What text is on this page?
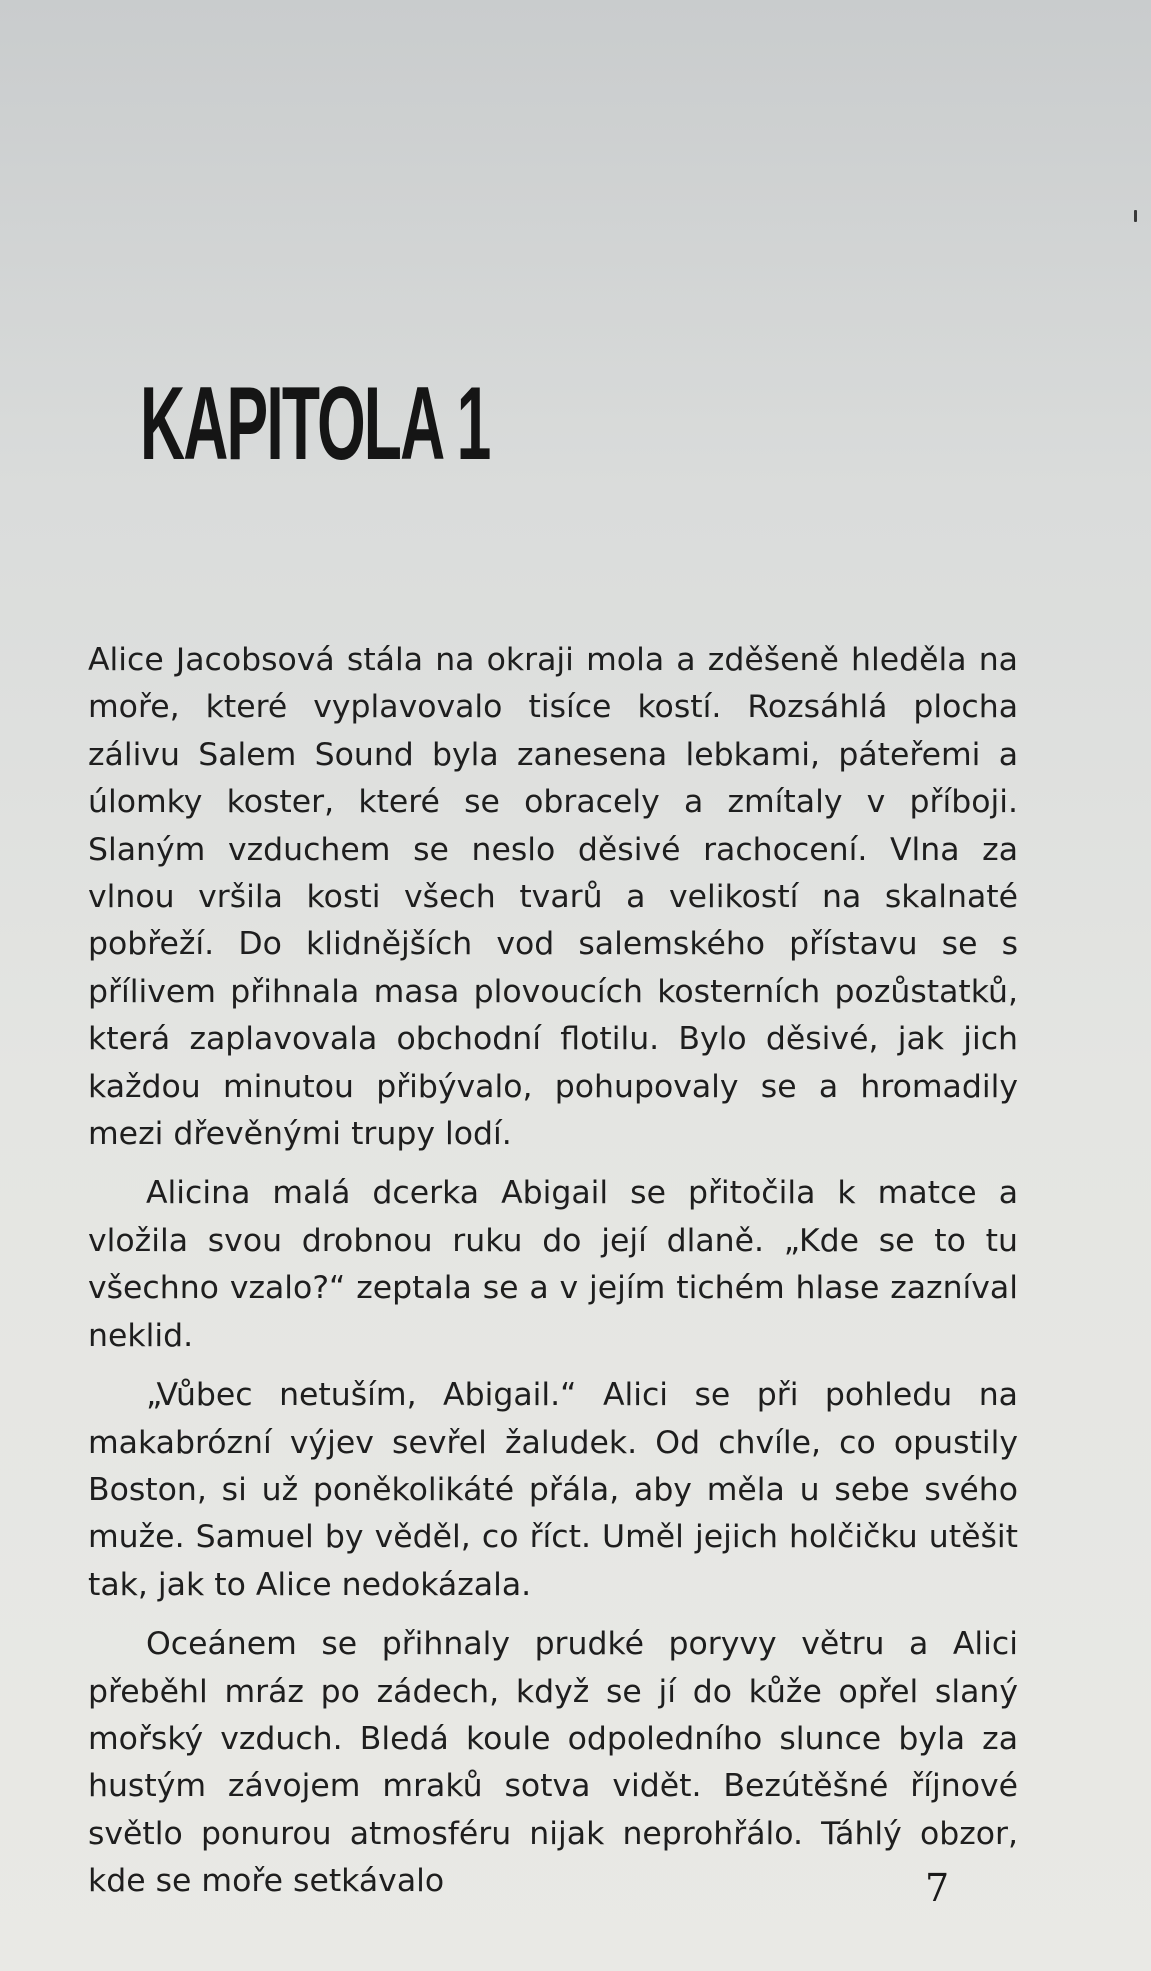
KAPITOLA 1

Alice Jacobsová stála na okraji mola a zděšeně hleděla na moře, které vyplavovalo tisíce kostí. Rozsáhlá plocha zálivu Salem Sound byla zanesena lebkami, páteřemi a úlomky koster, které se obracely a zmítaly v příboji. Slaným vzduchem se neslo děsivé rachocení. Vlna za vlnou vršila kosti všech tvarů a velikostí na skalnaté pobřeží. Do klidnějších vod salemského přístavu se s přílivem přihnala masa plovoucích kosterních pozůstatků, která zaplavovala obchodní flotilu. Bylo děsivé, jak jich každou minutou přibývalo, pohupovaly se a hromadily mezi dřevěnými trupy lodí.

Alicina malá dcerka Abigail se přitočila k matce a vložila svou drobnou ruku do její dlaně. „Kde se to tu všechno vzalo?“ zeptala se a v jejím tichém hlase zazníval neklid.

„Vůbec netuším, Abigail.“ Alici se při pohledu na makabrózní výjev sevřel žaludek. Od chvíle, co opustily Boston, si už poněkolikáté přála, aby měla u sebe svého muže. Samuel by věděl, co říct. Uměl jejich holčičku utěšit tak, jak to Alice nedokázala.

Oceánem se přihnaly prudké poryvy větru a Alici přeběhl mráz po zádech, když se jí do kůže opřel slaný mořský vzduch. Bledá koule odpoledního slunce byla za hustým závojem mraků sotva vidět. Bezútěšné říjnové světlo ponurou atmosféru nijak neprohřálo. Táhlý obzor, kde se moře setkávalo	7
